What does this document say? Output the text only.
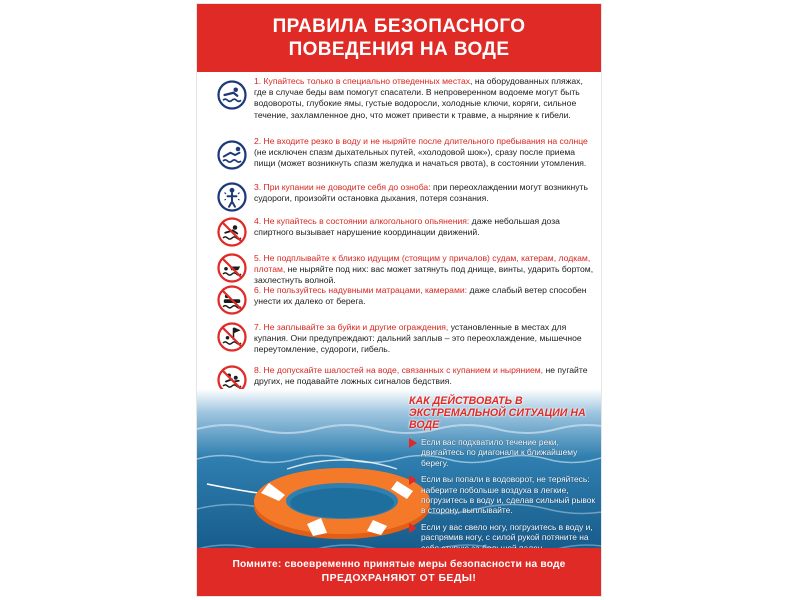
ПРАВИЛА БЕЗОПАСНОГО
ПОВЕДЕНИЯ НА ВОДЕ
1. Купайтесь только в специально отведенных местах, на оборудованных пляжах, где в случае беды вам помогут спасатели. В непроверенном водоеме могут быть водовороты, глубокие ямы, густые водоросли, холодные ключи, коряги, сильное течение, захламленное дно, что может привести к травме, а ныряние к гибели.
2. Не входите резко в воду и не ныряйте после длительного пребывания на солнце (не исключен спазм дыхательных путей, «холодовой шок»), сразу после приема пищи (может возникнуть спазм желудка и начаться рвота), в состоянии утомления.
3. При купании не доводите себя до озноба: при переохлаждении могут возникнуть судороги, произойти остановка дыхания, потеря сознания.
4. Не купайтесь в состоянии алкогольного опьянения: даже небольшая доза спиртного вызывает нарушение координации движений.
5. Не подплывайте к близко идущим (стоящим у причалов) судам, катерам, лодкам, плотам, не ныряйте под них: вас может затянуть под днище, винты, ударить бортом, захлестнуть волной.
6. Не пользуйтесь надувными матрацами, камерами: даже слабый ветер способен унести их далеко от берега.
7. Не заплывайте за буйки и другие ограждения, установленные в местах для купания. Они предупреждают: дальний заплыв – это переохлаждение, мышечное переутомление, судороги, гибель.
8. Не допускайте шалостей на воде, связанных с купанием и нырянием, не пугайте других, не подавайте ложных сигналов бедствия.
КАК ДЕЙСТВОВАТЬ В ЭКСТРЕМАЛЬНОЙ СИТУАЦИИ НА ВОДЕ
Если вас подхватило течение реки, двигайтесь по диагонали к ближайшему берегу.
Если вы попали в водоворот, не теряйтесь: наберите побольше воздуха в легкие, погрузитесь в воду и, сделав сильный рывок в сторону, выплывайте.
Если у вас свело ногу, погрузитесь в воду и, распрямив ногу, с силой рукой потяните на
Помните: своевременно принятые меры безопасности на воде
ПРЕДОХРАНЯЮТ ОТ БЕДЫ!
